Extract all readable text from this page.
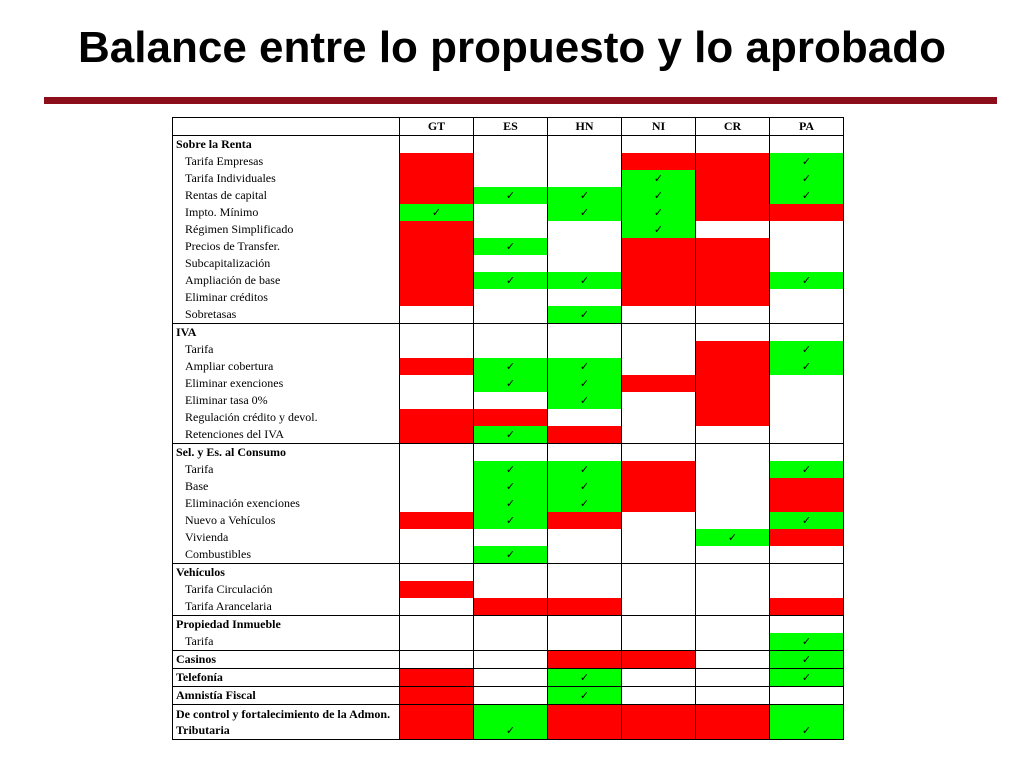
Balance entre lo propuesto y lo aprobado
	GT	ES	HN	NI	CR	PA
Sobre la Renta						
Tarifa Empresas						✓
Tarifa Individuales				✓		✓
Rentas de capital		✓	✓	✓		✓
Impto. Mínimo	✓		✓	✓		
Régimen Simplificado				✓		
Precios de Transfer.		✓				
Subcapitalización						
Ampliación de base		✓	✓			✓
Eliminar créditos						
Sobretasas			✓			
IVA						
Tarifa						✓
Ampliar cobertura		✓	✓			✓
Eliminar exenciones		✓	✓			
Eliminar tasa 0%			✓			
Regulación crédito y devol.						
Retenciones del IVA		✓				
Sel. y Es. al Consumo						
Tarifa		✓	✓			✓
Base		✓	✓			
Eliminación exenciones		✓	✓			
Nuevo a Vehículos		✓				✓
Vivienda					✓	
Combustibles		✓				
Vehículos						
Tarifa Circulación						
Tarifa Arancelaria						
Propiedad Inmueble						
Tarifa						✓
Casinos						✓
Telefonía			✓			✓
Amnistía Fiscal			✓			
De control y fortalecimiento de la Admon. Tributaria		✓				✓
